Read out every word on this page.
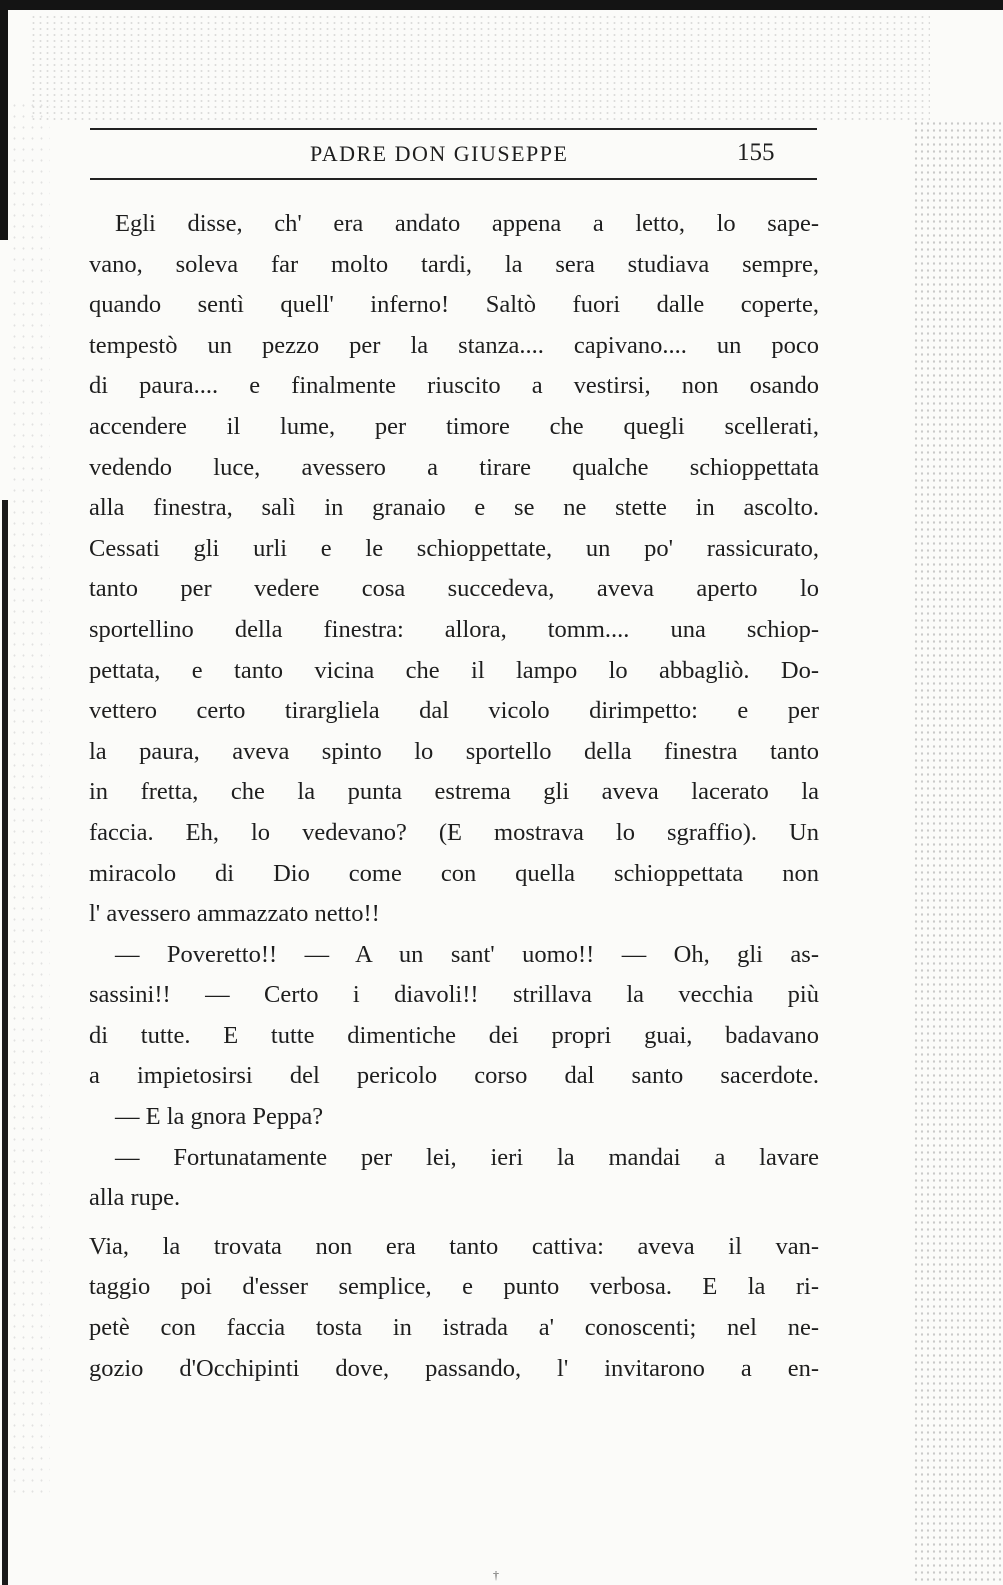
PADRE DON GIUSEPPE	155
Egli disse, ch' era andato appena a letto, lo sape-
vano, soleva far molto tardi, la sera studiava sempre,
quando sentì quell' inferno! Saltò fuori dalle coperte,
tempestò un pezzo per la stanza.... capivano.... un poco
di paura.... e finalmente riuscito a vestirsi, non osando
accendere il lume, per timore che quegli scellerati,
vedendo luce, avessero a tirare qualche schioppettata
alla finestra, salì in granaio e se ne stette in ascolto.
Cessati gli urli e le schioppettate, un po' rassicurato,
tanto per vedere cosa succedeva, aveva aperto lo
sportellino della finestra: allora, tomm.... una schiop-
pettata, e tanto vicina che il lampo lo abbagliò. Do-
vettero certo tirargliela dal vicolo dirimpetto: e per
la paura, aveva spinto lo sportello della finestra tanto
in fretta, che la punta estrema gli aveva lacerato la
faccia. Eh, lo vedevano? (E mostrava lo sgraffio). Un
miracolo di Dio come con quella schioppettata non
l' avessero ammazzato netto!!
— Poveretto!! — A un sant' uomo!! — Oh, gli as-
sassini!! — Certo i diavoli!! strillava la vecchia più
di tutte. E tutte dimentiche dei propri guai, badavano
a impietosirsi del pericolo corso dal santo sacerdote.
— E la gnora Peppa?
— Fortunatamente per lei, ieri la mandai a lavare
alla rupe.
Via, la trovata non era tanto cattiva: aveva il van-
taggio poi d'esser semplice, e punto verbosa. E la ri-
petè con faccia tosta in istrada a' conoscenti; nel ne-
gozio d'Occhipinti dove, passando, l' invitarono a en-
†
